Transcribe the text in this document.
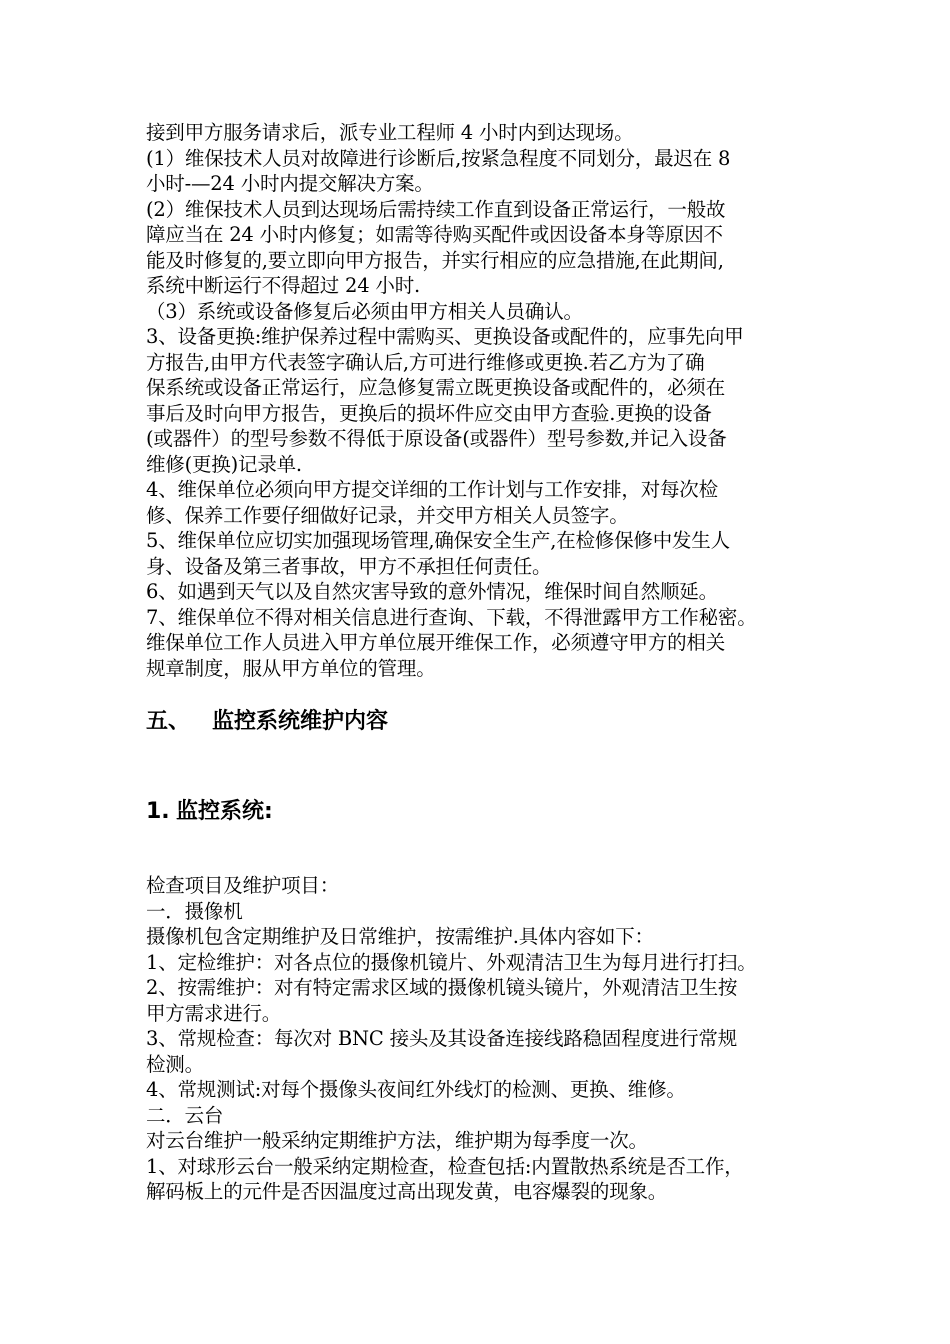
接到甲方服务请求后，派专业工程师 4 小时内到达现场。

(1）维保技术人员对故障进行诊断后,按紧急程度不同划分，最迟在 8

小时-—24 小时内提交解决方案。

(2）维保技术人员到达现场后需持续工作直到设备正常运行，一般故

障应当在 24 小时内修复；如需等待购买配件或因设备本身等原因不

能及时修复的,要立即向甲方报告，并实行相应的应急措施,在此期间,

系统中断运行不得超过 24 小时.

（3）系统或设备修复后必须由甲方相关人员确认。

3、设备更换:维护保养过程中需购买、更换设备或配件的，应事先向甲

方报告,由甲方代表签字确认后,方可进行维修或更换.若乙方为了确

保系统或设备正常运行，应急修复需立既更换设备或配件的，必须在

事后及时向甲方报告，更换后的损坏件应交由甲方查验.更换的设备

(或器件）的型号参数不得低于原设备(或器件）型号参数,并记入设备

维修(更换)记录单.

4、维保单位必须向甲方提交详细的工作计划与工作安排，对每次检

修、保养工作要仔细做好记录，并交甲方相关人员签字。

5、维保单位应切实加强现场管理,确保安全生产,在检修保修中发生人

身、设备及第三者事故，甲方不承担任何责任。

6、如遇到天气以及自然灾害导致的意外情况，维保时间自然顺延。

7、维保单位不得对相关信息进行查询、下载，不得泄露甲方工作秘密。

维保单位工作人员进入甲方单位展开维保工作，必须遵守甲方的相关

规章制度，服从甲方单位的管理。

五、 监控系统维护内容
1. 监控系统:

检查项目及维护项目：

一．摄像机

摄像机包含定期维护及日常维护，按需维护.具体内容如下：

1、定检维护：对各点位的摄像机镜片、外观清洁卫生为每月进行打扫。

2、按需维护：对有特定需求区域的摄像机镜头镜片，外观清洁卫生按

甲方需求进行。

3、常规检查：每次对 BNC 接头及其设备连接线路稳固程度进行常规

检测。

4、常规测试:对每个摄像头夜间红外线灯的检测、更换、维修。

二．云台

对云台维护一般采纳定期维护方法，维护期为每季度一次。

1、对球形云台一般采纳定期检查，检查包括:内置散热系统是否工作，

解码板上的元件是否因温度过高出现发黄，电容爆裂的现象。
